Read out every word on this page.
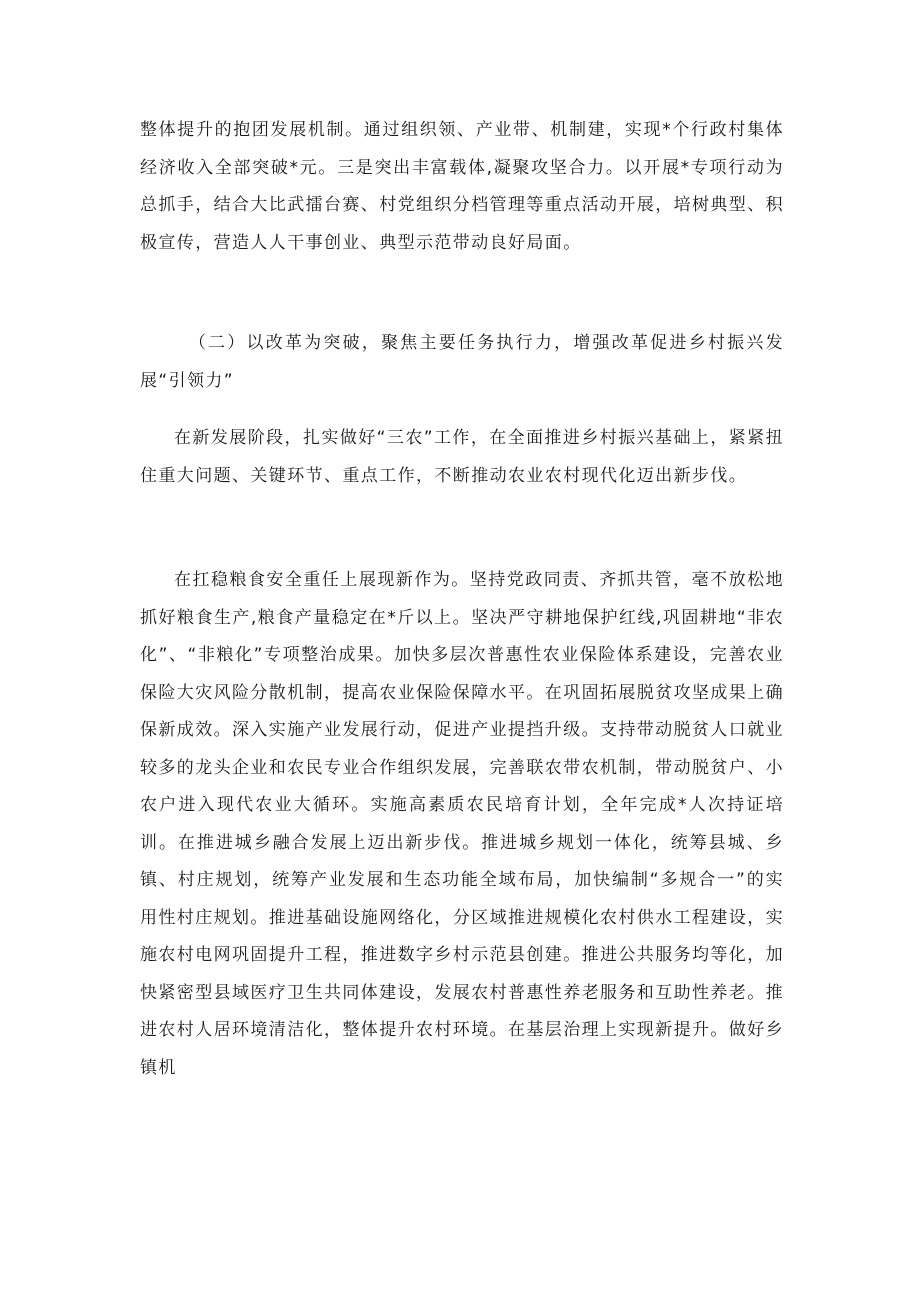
整体提升的抱团发展机制。通过组织领、产业带、机制建，实现*个行政村集体经济收入全部突破*元。三是突出丰富载体,凝聚攻坚合力。以开展*专项行动为总抓手，结合大比武擂台赛、村党组织分档管理等重点活动开展，培树典型、积极宣传，营造人人干事创业、典型示范带动良好局面。

（二）以改革为突破，聚焦主要任务执行力，增强改革促进乡村振兴发展“引领力”

在新发展阶段，扎实做好“三农”工作，在全面推进乡村振兴基础上，紧紧扭住重大问题、关键环节、重点工作，不断推动农业农村现代化迈出新步伐。

在扛稳粮食安全重任上展现新作为。坚持党政同责、齐抓共管，毫不放松地抓好粮食生产,粮食产量稳定在*斤以上。坚决严守耕地保护红线,巩固耕地“非农化”、“非粮化”专项整治成果。加快多层次普惠性农业保险体系建设，完善农业保险大灾风险分散机制，提高农业保险保障水平。在巩固拓展脱贫攻坚成果上确保新成效。深入实施产业发展行动，促进产业提挡升级。支持带动脱贫人口就业较多的龙头企业和农民专业合作组织发展，完善联农带农机制，带动脱贫户、小农户进入现代农业大循环。实施高素质农民培育计划，全年完成*人次持证培训。在推进城乡融合发展上迈出新步伐。推进城乡规划一体化，统筹县城、乡镇、村庄规划，统筹产业发展和生态功能全域布局，加快编制“多规合一”的实用性村庄规划。推进基础设施网络化，分区域推进规模化农村供水工程建设，实施农村电网巩固提升工程，推进数字乡村示范县创建。推进公共服务均等化，加快紧密型县域医疗卫生共同体建设，发展农村普惠性养老服务和互助性养老。推进农村人居环境清洁化，整体提升农村环境。在基层治理上实现新提升。做好乡镇机
